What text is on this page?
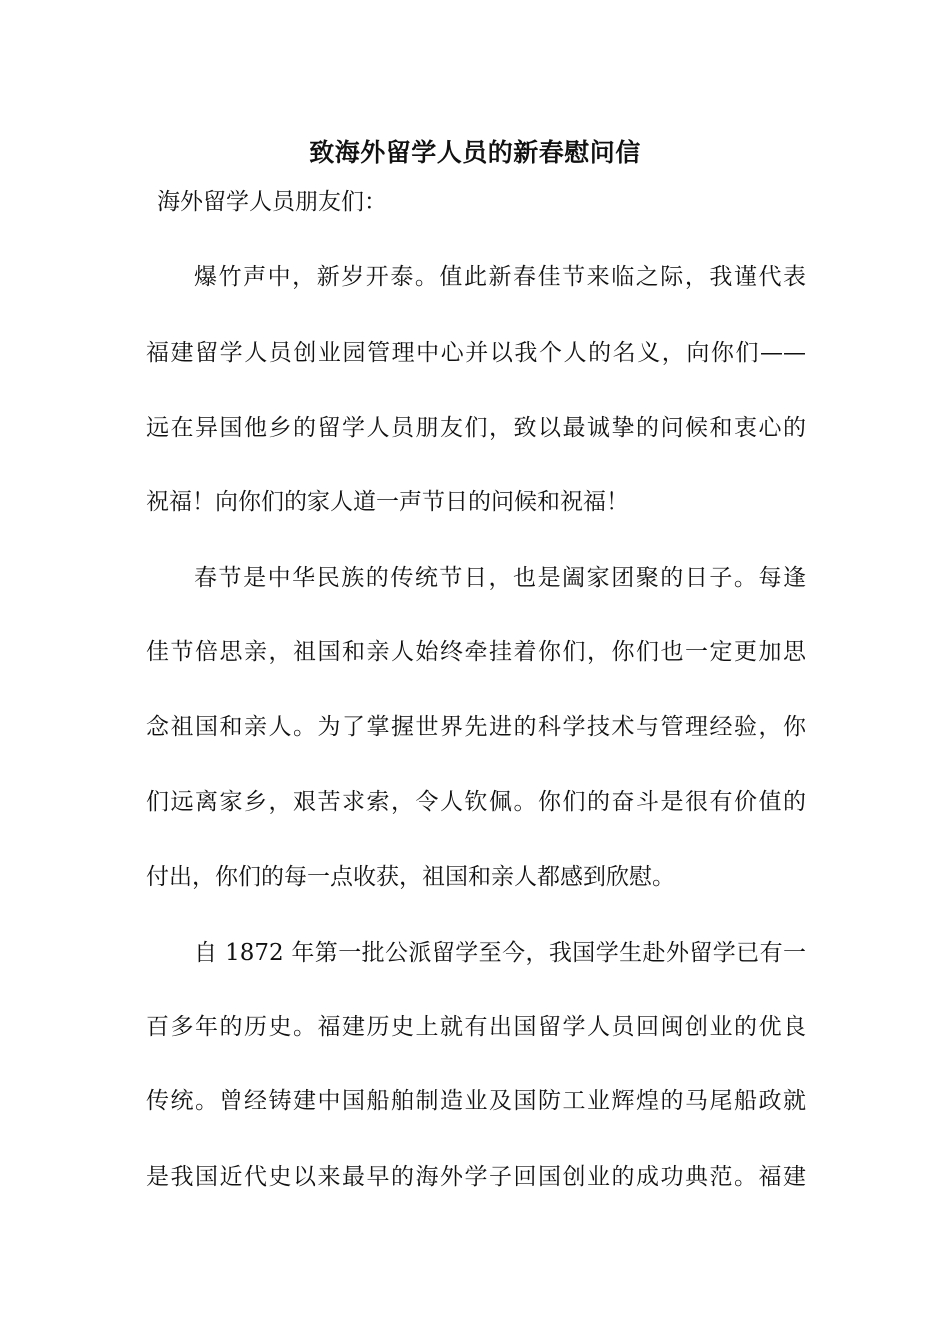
致海外留学人员的新春慰问信

海外留学人员朋友们：

爆竹声中，新岁开泰。值此新春佳节来临之际，我谨代表

福建留学人员创业园管理中心并以我个人的名义，向你们——

远在异国他乡的留学人员朋友们，致以最诚挚的问候和衷心的

祝福！向你们的家人道一声节日的问候和祝福！

春节是中华民族的传统节日，也是阖家团聚的日子。每逢

佳节倍思亲，祖国和亲人始终牵挂着你们，你们也一定更加思

念祖国和亲人。为了掌握世界先进的科学技术与管理经验，你

们远离家乡，艰苦求索，令人钦佩。你们的奋斗是很有价值的

付出，你们的每一点收获，祖国和亲人都感到欣慰。

自 1872 年第一批公派留学至今，我国学生赴外留学已有一

百多年的历史。福建历史上就有出国留学人员回闽创业的优良

传统。曾经铸建中国船舶制造业及国防工业辉煌的马尾船政就

是我国近代史以来最早的海外学子回国创业的成功典范。福建
